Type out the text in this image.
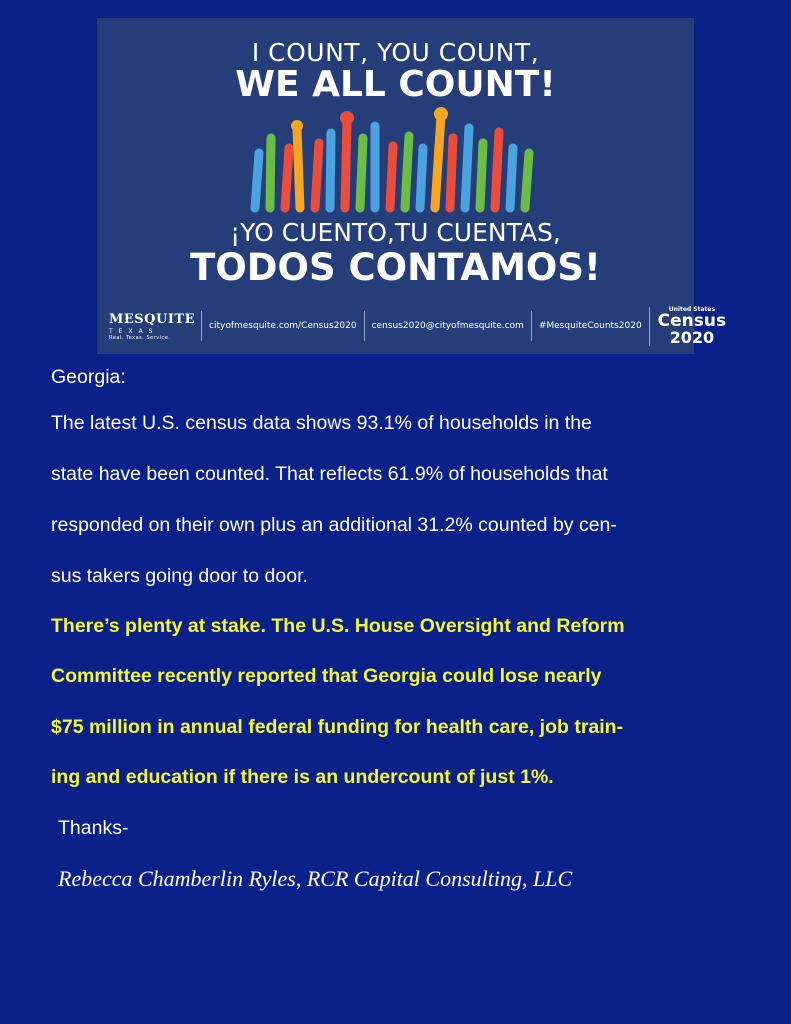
I COUNT, YOU COUNT,
WE ALL COUNT!
¡YO CUENTO,TU CUENTAS,
TODOS CONTAMOS!
MESQUITE
TEXAS
Real. Texas. Service.
cityofmesquite.com/Census2020	census2020@cityofmesquite.com	#MesquiteCounts2020
United States
Census
2020
Georgia:
The latest U.S. census data shows 93.1% of households in the
state have been counted. That reflects 61.9% of households that
responded on their own plus an additional 31.2% counted by cen-
sus takers going door to door.
There’s plenty at stake. The U.S. House Oversight and Reform
Committee recently reported that Georgia could lose nearly
$75 million in annual federal funding for health care, job train-
ing and education if there is an undercount of just 1%.
Thanks-
Rebecca Chamberlin Ryles, RCR Capital Consulting, LLC
